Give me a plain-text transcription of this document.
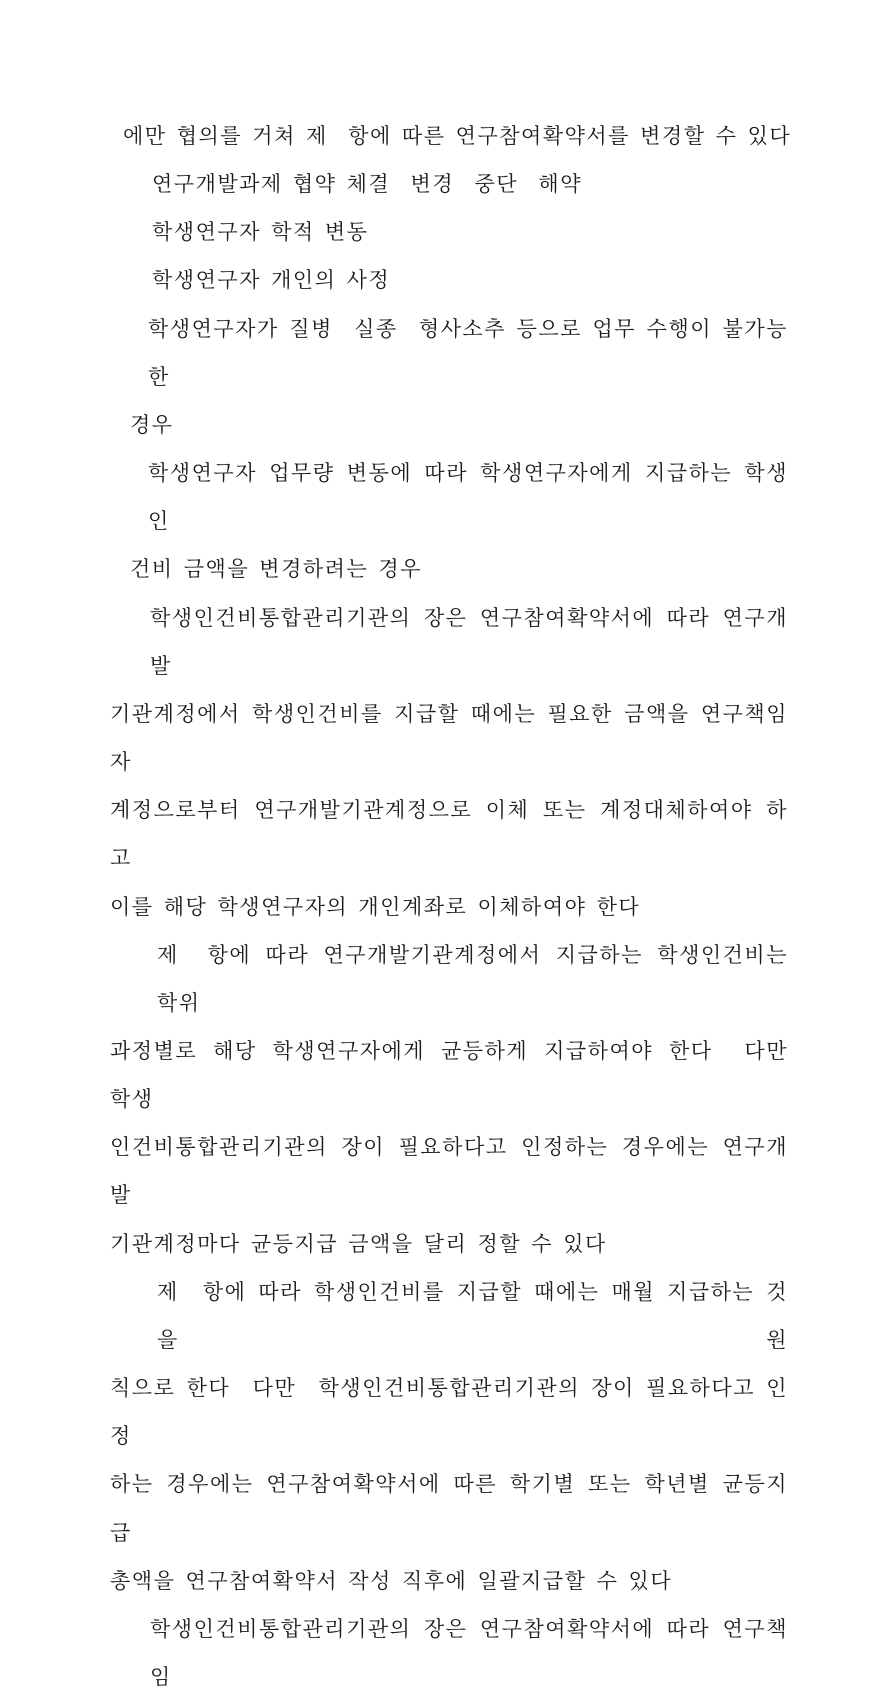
에만 협의를 거쳐 제  항에 따른 연구참여확약서를 변경할 수 있다
연구개발과제 협약 체결  변경  중단  해약
학생연구자 학적 변동
학생연구자 개인의 사정
학생연구자가 질병  실종  형사소추 등으로 업무 수행이 불가능한
경우
학생연구자 업무량 변동에 따라 학생연구자에게 지급하는 학생인
건비 금액을 변경하려는 경우
학생인건비통합관리기관의 장은 연구참여확약서에 따라 연구개발
기관계정에서 학생인건비를 지급할 때에는 필요한 금액을 연구책임자
계정으로부터 연구개발기관계정으로 이체 또는 계정대체하여야 하고
이를 해당 학생연구자의 개인계좌로 이체하여야 한다
제  항에 따라 연구개발기관계정에서 지급하는 학생인건비는 학위
과정별로 해당 학생연구자에게 균등하게 지급하여야 한다  다만  학생
인건비통합관리기관의 장이 필요하다고 인정하는 경우에는 연구개발
기관계정마다 균등지급 금액을 달리 정할 수 있다
제  항에 따라 학생인건비를 지급할 때에는 매월 지급하는 것을 원
칙으로 한다  다만  학생인건비통합관리기관의 장이 필요하다고 인정
하는 경우에는 연구참여확약서에 따른 학기별 또는 학년별 균등지급
총액을 연구참여확약서 작성 직후에 일괄지급할 수 있다
학생인건비통합관리기관의 장은 연구참여확약서에 따라 연구책임
